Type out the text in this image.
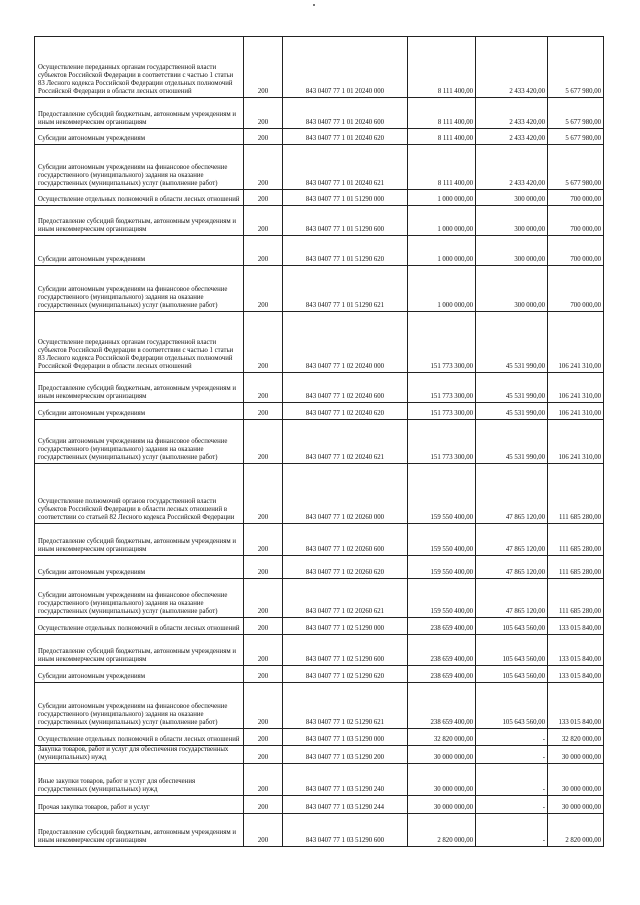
Осуществление переданных органам государственной власти субъектов Российской Федерации в соответствии с частью 1 статьи 83 Лесного кодекса Российской Федерации отдельных полномочий Российской Федерации в области лесных отношений	200	843 0407 77 1 01 20240 000	8 111 400,00	2 433 420,00	5 677 980,00

Предоставление субсидий бюджетным, автономным учреждениям и иным некоммерческим организациям	200	843 0407 77 1 01 20240 600	8 111 400,00	2 433 420,00	5 677 980,00

Субсидии автономным учреждениям	200	843 0407 77 1 01 20240 620	8 111 400,00	2 433 420,00	5 677 980,00

Субсидии автономным учреждениям на финансовое обеспечение государственного (муниципального) задания на оказание государственных (муниципальных) услуг (выполнение работ)	200	843 0407 77 1 01 20240 621	8 111 400,00	2 433 420,00	5 677 980,00

Осуществление отдельных полномочий в области лесных отношений	200	843 0407 77 1 01 51290 000	1 000 000,00	300 000,00	700 000,00

Предоставление субсидий бюджетным, автономным учреждениям и иным некоммерческим организациям	200	843 0407 77 1 01 51290 600	1 000 000,00	300 000,00	700 000,00

Субсидии автономным учреждениям	200	843 0407 77 1 01 51290 620	1 000 000,00	300 000,00	700 000,00

Субсидии автономным учреждениям на финансовое обеспечение государственного (муниципального) задания на оказание государственных (муниципальных) услуг (выполнение работ)	200	843 0407 77 1 01 51290 621	1 000 000,00	300 000,00	700 000,00

Осуществление переданных органам государственной власти субъектов Российской Федерации в соответствии с частью 1 статьи 83 Лесного кодекса Российской Федерации отдельных полномочий Российской Федерации в области лесных отношений	200	843 0407 77 1 02 20240 000	151 773 300,00	45 531 990,00	106 241 310,00

Предоставление субсидий бюджетным, автономным учреждениям и иным некоммерческим организациям	200	843 0407 77 1 02 20240 600	151 773 300,00	45 531 990,00	106 241 310,00

Субсидии автономным учреждениям	200	843 0407 77 1 02 20240 620	151 773 300,00	45 531 990,00	106 241 310,00

Субсидии автономным учреждениям на финансовое обеспечение государственного (муниципального) задания на оказание государственных (муниципальных) услуг (выполнение работ)	200	843 0407 77 1 02 20240 621	151 773 300,00	45 531 990,00	106 241 310,00

Осуществление полномочий органов государственной власти субъектов Российской Федерации в области лесных отношений в соответствии со статьей 82 Лесного кодекса Российской Федерации	200	843 0407 77 1 02 20260 000	159 550 400,00	47 865 120,00	111 685 280,00

Предоставление субсидий бюджетным, автономным учреждениям и иным некоммерческим организациям	200	843 0407 77 1 02 20260 600	159 550 400,00	47 865 120,00	111 685 280,00

Субсидии автономным учреждениям	200	843 0407 77 1 02 20260 620	159 550 400,00	47 865 120,00	111 685 280,00

Субсидии автономным учреждениям на финансовое обеспечение государственного (муниципального) задания на оказание государственных (муниципальных) услуг (выполнение работ)	200	843 0407 77 1 02 20260 621	159 550 400,00	47 865 120,00	111 685 280,00

Осуществление отдельных полномочий в области лесных отношений	200	843 0407 77 1 02 51290 000	238 659 400,00	105 643 560,00	133 015 840,00

Предоставление субсидий бюджетным, автономным учреждениям и иным некоммерческим организациям	200	843 0407 77 1 02 51290 600	238 659 400,00	105 643 560,00	133 015 840,00

Субсидии автономным учреждениям	200	843 0407 77 1 02 51290 620	238 659 400,00	105 643 560,00	133 015 840,00

Субсидии автономным учреждениям на финансовое обеспечение государственного (муниципального) задания на оказание государственных (муниципальных) услуг (выполнение работ)	200	843 0407 77 1 02 51290 621	238 659 400,00	105 643 560,00	133 015 840,00

Осуществление отдельных полномочий в области лесных отношений	200	843 0407 77 1 03 51290 000	32 820 000,00	-	32 820 000,00

Закупка товаров, работ и услуг для обеспечения государственных (муниципальных) нужд	200	843 0407 77 1 03 51290 200	30 000 000,00	-	30 000 000,00

Иные закупки товаров, работ и услуг для обеспечения государственных (муниципальных) нужд	200	843 0407 77 1 03 51290 240	30 000 000,00	-	30 000 000,00

Прочая закупка товаров, работ и услуг	200	843 0407 77 1 03 51290 244	30 000 000,00	-	30 000 000,00

Предоставление субсидий бюджетным, автономным учреждениям и иным некоммерческим организациям	200	843 0407 77 1 03 51290 600	2 820 000,00	-	2 820 000,00
